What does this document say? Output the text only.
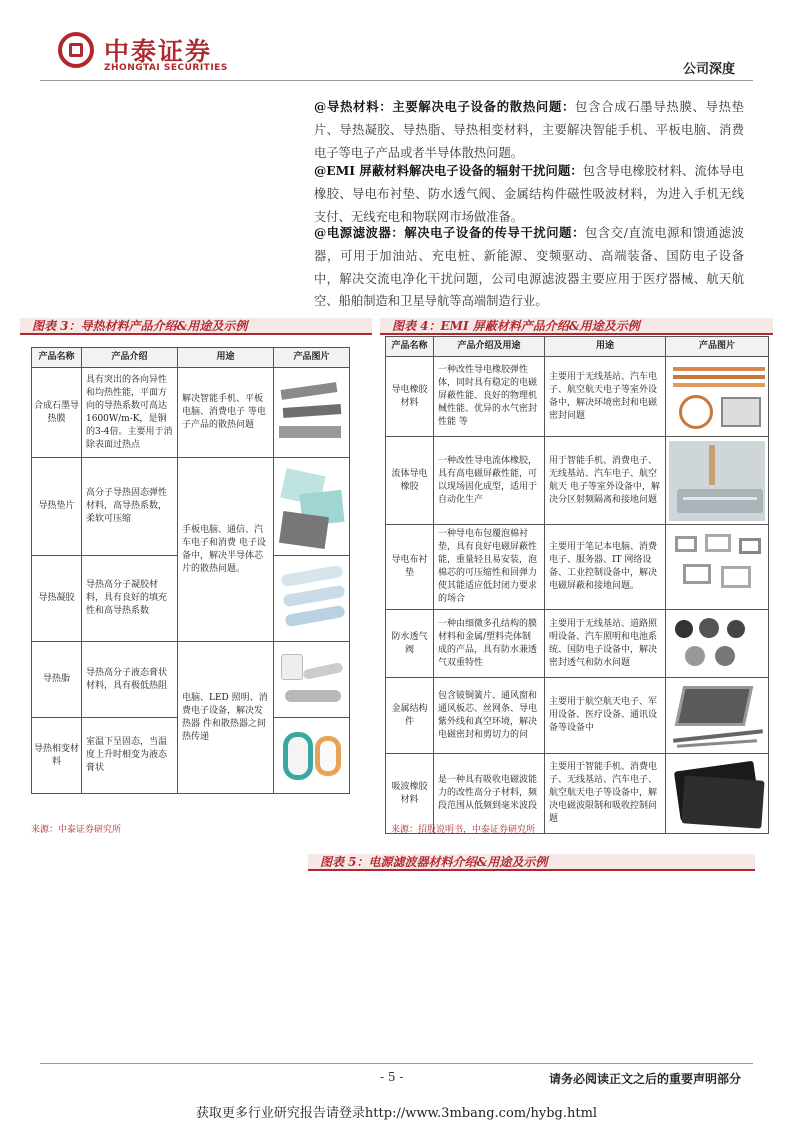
中泰证券
ZHONGTAI SECURITIES	公司深度
@导热材料：主要解决电子设备的散热问题：包含合成石墨导热膜、导热垫片、导热凝胶、导热脂、导热相变材料，主要解决智能手机、平板电脑、消费电子等电子产品或者半导体散热问题。
@EMI 屏蔽材料解决电子设备的辐射干扰问题：包含导电橡胶材料、流体导电橡胶、导电布衬垫、防水透气阀、金属结构件磁性吸波材料，为进入手机无线支付、无线充电和物联网市场做准备。
@电源滤波器：解决电子设备的传导干扰问题：包含交/直流电源和馈通滤波器，可用于加油站、充电桩、新能源、变频驱动、高端装备、国防电子设备中，解决交流电净化干扰问题，公司电源滤波器主要应用于医疗器械、航天航空、船舶制造和卫星导航等高端制造行业。
图表 3：导热材料产品介绍&用途及示例
产品名称	产品介绍	用途	产品图片
合成石墨导热膜	具有突出的各向异性和均热性能，平面方向的导热系数可高达 1600W/m-K，是铜的3-4倍。主要用于消除表面过热点	解决智能手机、平板电脑、消费电子 等电子产品的散热问题	

导热垫片	高分子导热固态弹性材料，高导热系数，柔软可压缩	手板电脑、通信、汽车电子和消费 电子设备中，解决半导体芯片的散热问题。	

导热凝胶	导热高分子凝胶材料，具有良好的填充性和高导热系数		

导热脂	导热高分子液态膏状材料，具有极低热阻	电脑、LED 照明、消费电子设备，解决发热器 件和散热器之间热传递	

导热相变材料	室温下呈固态，当温度上升时相变为液态膏状		
来源：中泰证券研究所
图表 4：EMI 屏蔽材料产品介绍&用途及示例
产品名称	产品介绍及用途	用途	产品图片
导电橡胶材料	一种改性导电橡胶弹性体，同时具有稳定的电磁屏蔽性能、良好的物理机械性能、优异的水气密封性能 等	主要用于无线基站、汽车电子、航空航天电子等室外设备中，解决环境密封和电磁密封问题	

流体导电橡胶	一种改性导电流体橡胶，具有高电磁屏蔽性能，可以现场固化成型，适用于自动化生产	用于智能手机、消费电子、无线基站、汽车电子、航空航天 电子等室外设备中，解决分区射频隔离和接地问题	

导电布衬垫	一种导电布包覆泡棉衬垫，具有良好电磁屏蔽性能，重量轻且易安装，泡棉芯的可压缩性和回弹力使其能适应低封闭力要求的场合	主要用于笔记本电脑、消费电子、服务器、IT 网络设备、工业控制设备中，解决电磁屏蔽和接地问题。	

防水透气阀	一种由细微多孔结构的膜材料和金属/塑料壳体制成的产品，具有防水兼透气双重特性	主要用于无线基站、道路照明设备、汽车照明和电池系统、国防电子设备中，解决密封透气和防水问题	

金属结构件	包含铍铜簧片、通风窗和通风板芯、丝网条、导电紫外线和真空环境，解决电磁密封和剪切力的问	主要用于航空航天电子、军用设备、医疗设备、通讯设备等设备中	

吸波橡胶材料	是一种具有吸收电磁波能力的改性高分子材料，频段范围从低频到毫米波段	主要用于智能手机、消费电子、无线基站、汽车电子、航空航天电子等设备中，解决电磁波限制和吸收控制问题	
来源：招股说明书，中泰证券研究所
图表 5：电源滤波器材料介绍&用途及示例
- 5 -	请务必阅读正文之后的重要声明部分
获取更多行业研究报告请登录http://www.3mbang.com/hybg.html
